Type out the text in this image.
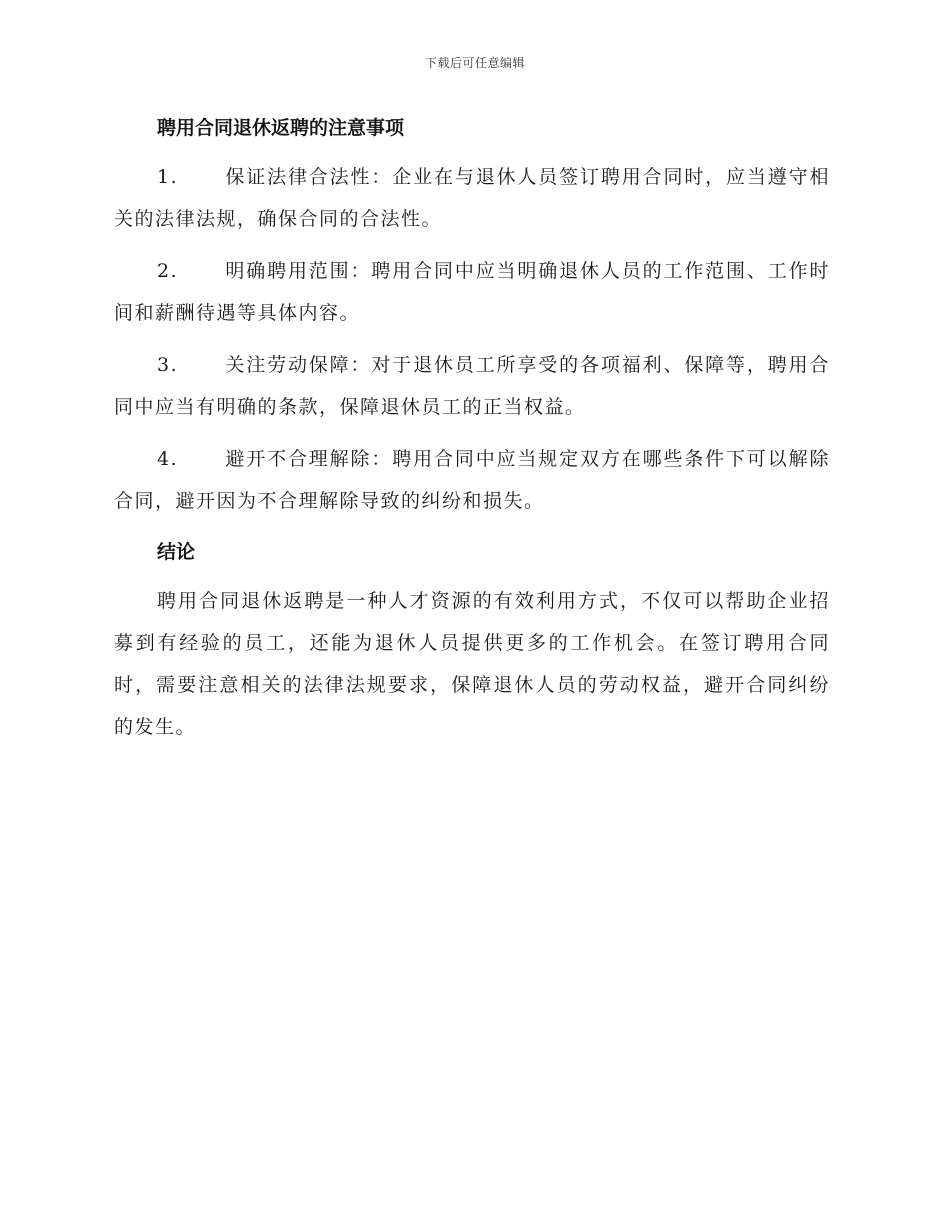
下载后可任意编辑
聘用合同退休返聘的注意事项

1. 保证法律合法性：企业在与退休人员签订聘用合同时，应当遵守相关的法律法规，确保合同的合法性。

2. 明确聘用范围：聘用合同中应当明确退休人员的工作范围、工作时间和薪酬待遇等具体内容。

3. 关注劳动保障：对于退休员工所享受的各项福利、保障等，聘用合同中应当有明确的条款，保障退休员工的正当权益。

4. 避开不合理解除：聘用合同中应当规定双方在哪些条件下可以解除合同，避开因为不合理解除导致的纠纷和损失。

结论

聘用合同退休返聘是一种人才资源的有效利用方式，不仅可以帮助企业招募到有经验的员工，还能为退休人员提供更多的工作机会。在签订聘用合同时，需要注意相关的法律法规要求，保障退休人员的劳动权益，避开合同纠纷的发生。
